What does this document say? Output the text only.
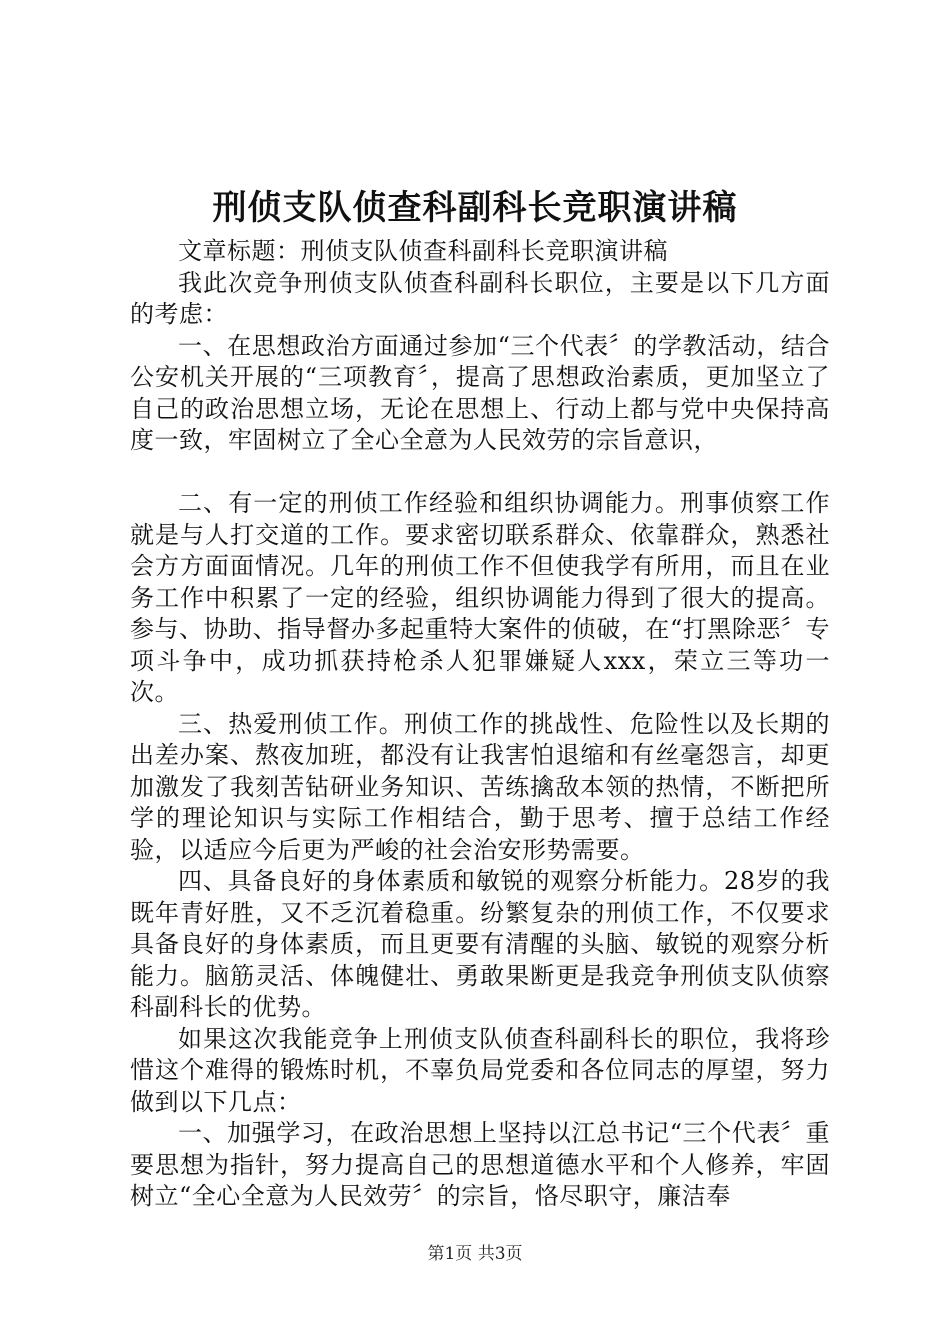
刑侦支队侦查科副科长竞职演讲稿

文章标题：刑侦支队侦查科副科长竞职演讲稿

我此次竞争刑侦支队侦查科副科长职位，主要是以下几方面的考虑：

一、在思想政治方面通过参加“三个代表〞的学教活动，结合公安机关开展的“三项教育〞，提高了思想政治素质，更加坚立了自己的政治思想立场，无论在思想上、行动上都与党中央保持高度一致，牢固树立了全心全意为人民效劳的宗旨意识，

二、有一定的刑侦工作经验和组织协调能力。刑事侦察工作就是与人打交道的工作。要求密切联系群众、依靠群众，熟悉社会方方面面情况。几年的刑侦工作不但使我学有所用，而且在业务工作中积累了一定的经验，组织协调能力得到了很大的提高。参与、协助、指导督办多起重特大案件的侦破，在“打黑除恶〞专项斗争中，成功抓获持枪杀人犯罪嫌疑人xxx，荣立三等功一次。

三、热爱刑侦工作。刑侦工作的挑战性、危险性以及长期的出差办案、熬夜加班，都没有让我害怕退缩和有丝毫怨言，却更加激发了我刻苦钻研业务知识、苦练擒敌本领的热情，不断把所学的理论知识与实际工作相结合，勤于思考、擅于总结工作经验，以适应今后更为严峻的社会治安形势需要。

四、具备良好的身体素质和敏锐的观察分析能力。28岁的我既年青好胜，又不乏沉着稳重。纷繁复杂的刑侦工作，不仅要求具备良好的身体素质，而且更要有清醒的头脑、敏锐的观察分析能力。脑筋灵活、体魄健壮、勇敢果断更是我竞争刑侦支队侦察科副科长的优势。

如果这次我能竞争上刑侦支队侦查科副科长的职位，我将珍惜这个难得的锻炼时机，不辜负局党委和各位同志的厚望，努力做到以下几点：

一、加强学习，在政治思想上坚持以江总书记“三个代表〞重要思想为指针，努力提高自己的思想道德水平和个人修养，牢固树立“全心全意为人民效劳〞的宗旨，恪尽职守，廉洁奉

第1页 共3页
